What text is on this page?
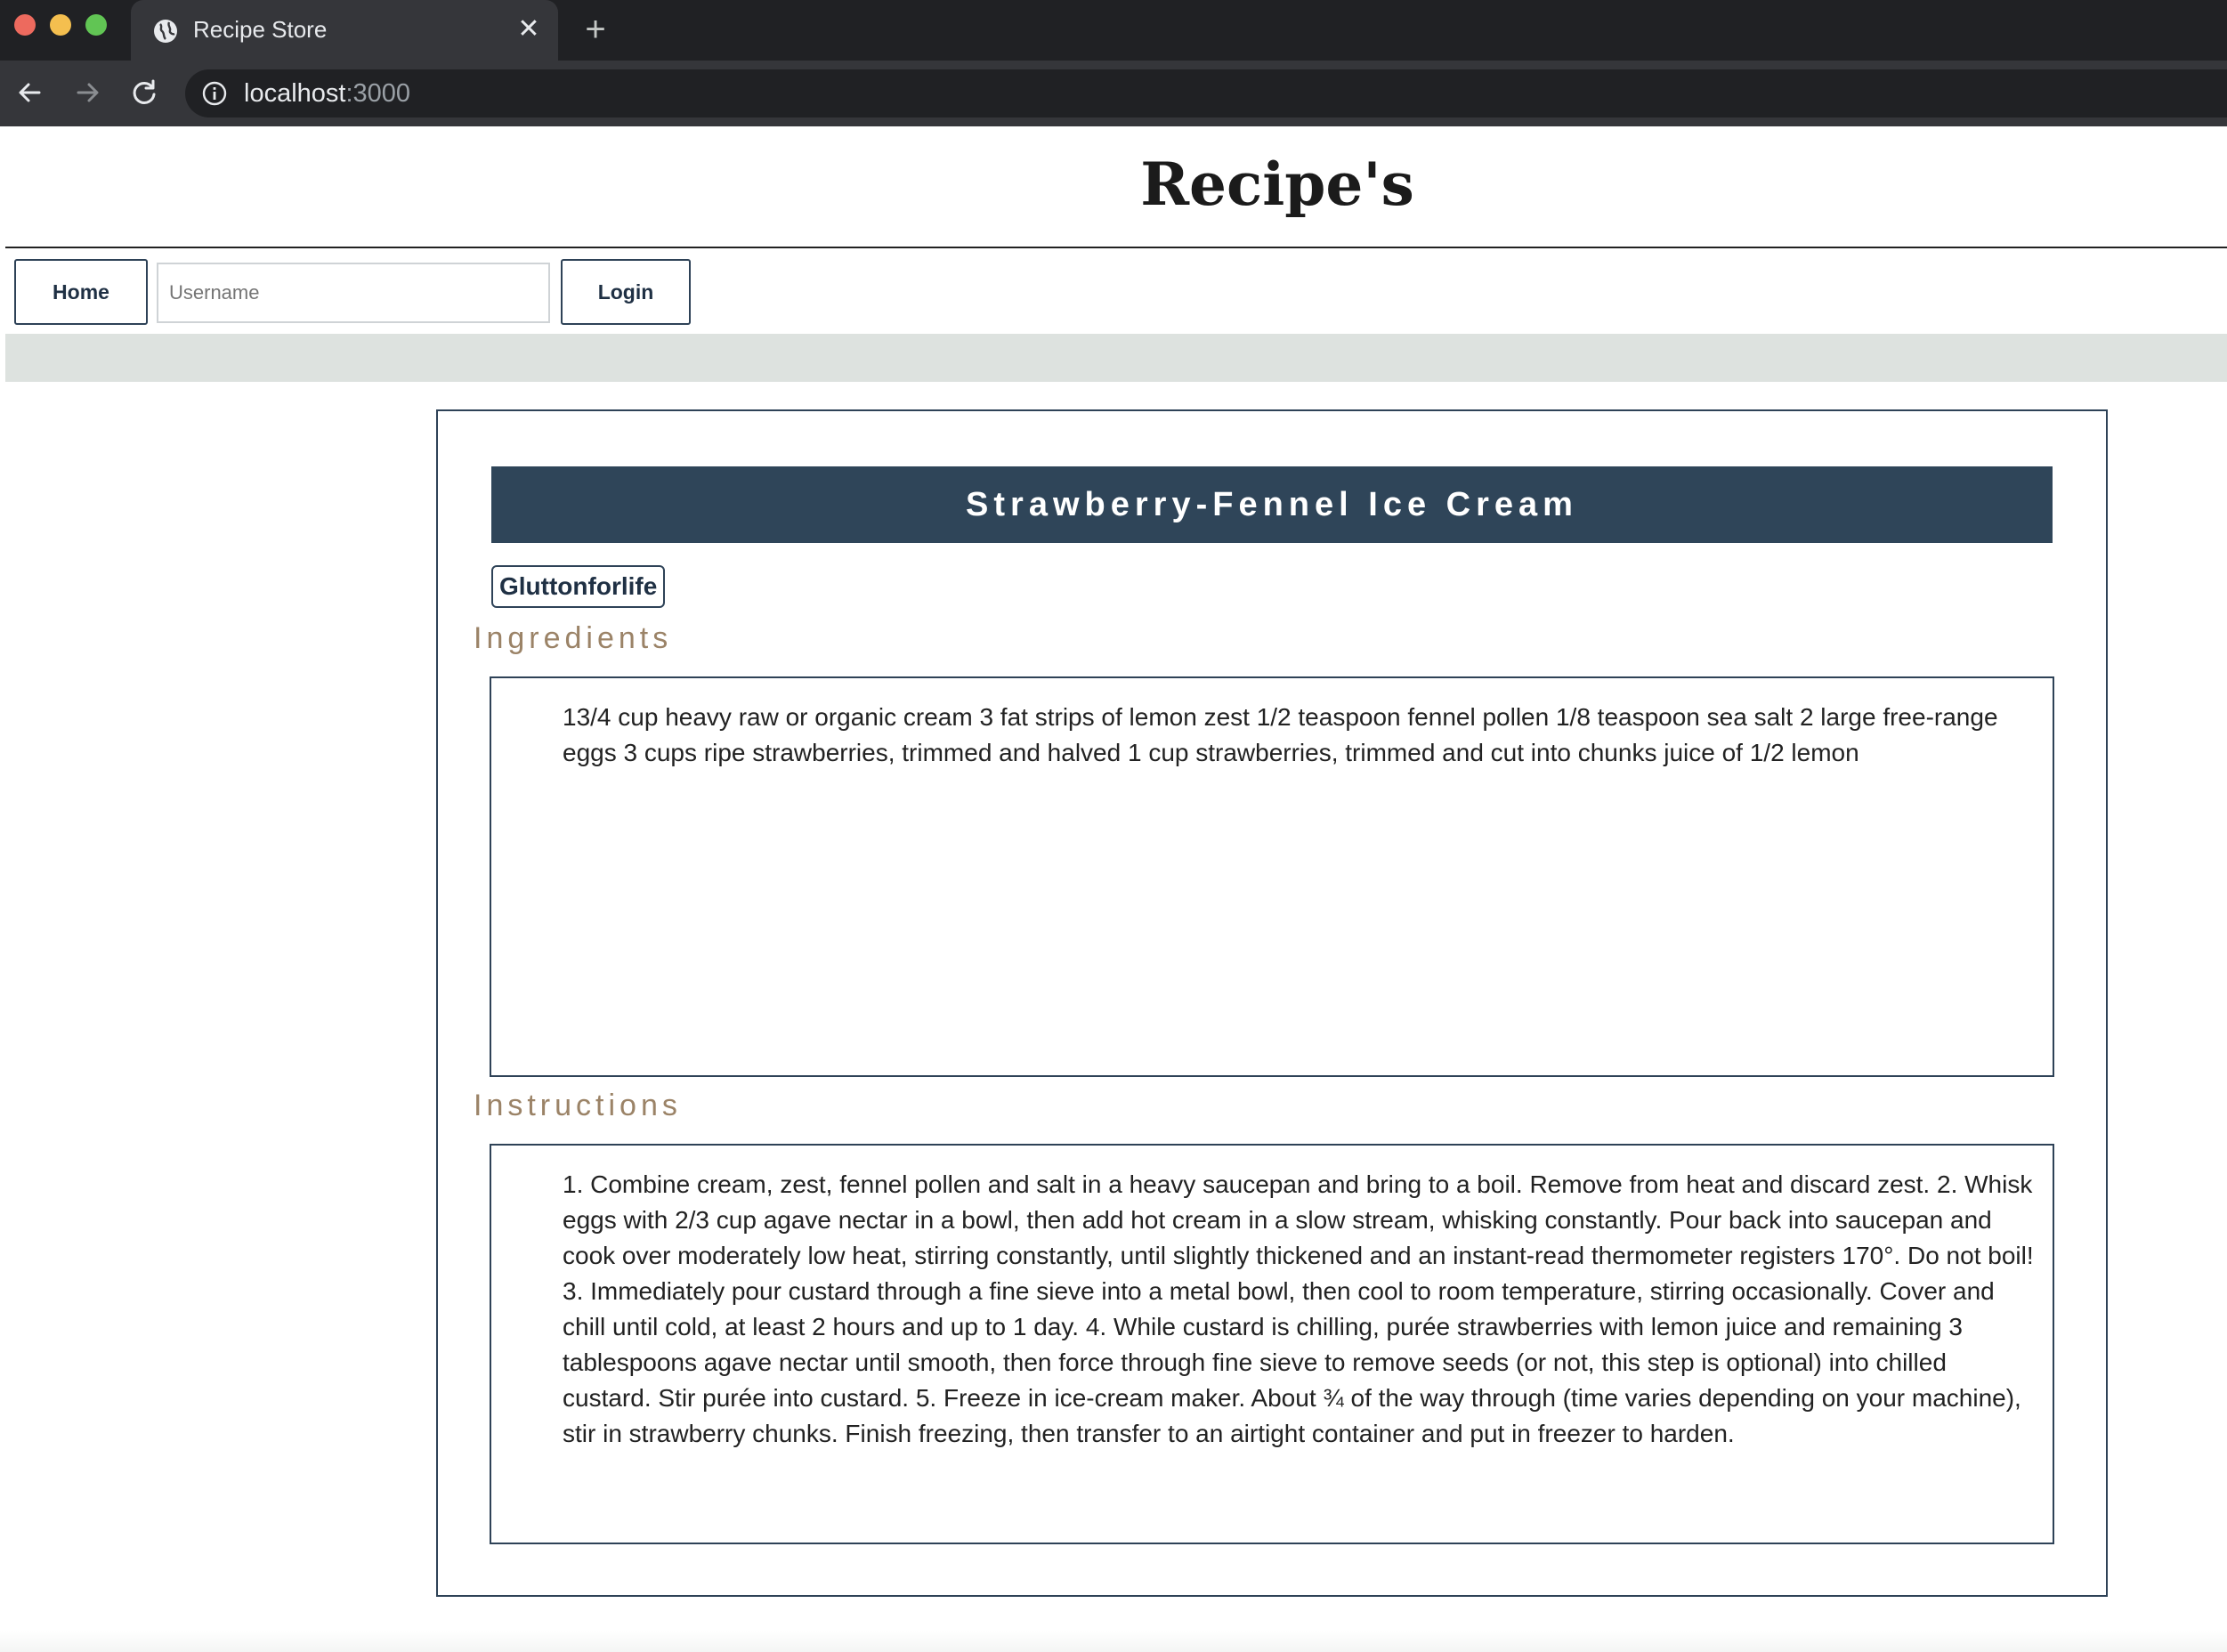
Recipe Store	✕ +
localhost:3000
Recipe's
Home
Username	Login
Strawberry-Fennel Ice Cream
Gluttonforlife
Ingredients
13/4 cup heavy raw or organic cream 3 fat strips of lemon zest 1/2 teaspoon fennel pollen 1/8 teaspoon sea salt 2 large free-range eggs 3 cups ripe strawberries, trimmed and halved 1 cup strawberries, trimmed and cut into chunks juice of 1/2 lemon
Instructions
1. Combine cream, zest, fennel pollen and salt in a heavy saucepan and bring to a boil. Remove from heat and discard zest. 2. Whisk eggs with 2/3 cup agave nectar in a bowl, then add hot cream in a slow stream, whisking constantly. Pour back into saucepan and cook over moderately low heat, stirring constantly, until slightly thickened and an instant-read thermometer registers 170°. Do not boil! 3. Immediately pour custard through a fine sieve into a metal bowl, then cool to room temperature, stirring occasionally. Cover and chill until cold, at least 2 hours and up to 1 day. 4. While custard is chilling, purée strawberries with lemon juice and remaining 3 tablespoons agave nectar until smooth, then force through fine sieve to remove seeds (or not, this step is optional) into chilled custard. Stir purée into custard. 5. Freeze in ice-cream maker. About ¾ of the way through (time varies depending on your machine), stir in strawberry chunks. Finish freezing, then transfer to an airtight container and put in freezer to harden.
